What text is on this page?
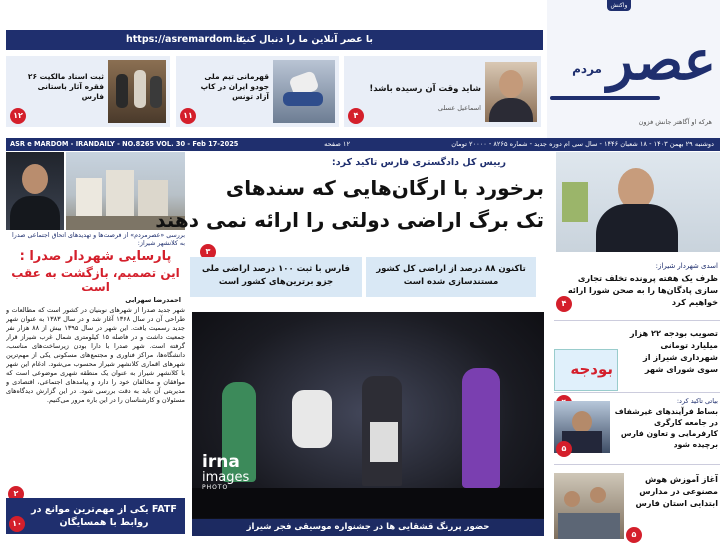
با عصر آنلاین ما را دنبال کنید
https://asremardom.ir
واکنش
عصر
مردم
هرکه او آگاهتر جانش فزون
شاید وقت آن رسیده باشد!
اسماعیل عسلی
۴
قهرمانی تیم ملی جودو ایران در کاپ آزاد تونس
۱۱
ثبت اسناد مالکیت ۲۶ فقره آثار باستانی فارس
۱۲
دوشنبه ۲۹ بهمن ۱۴۰۳ - ۱۸ شعبان ۱۴۴۶ - سال سی ام دوره جدید - شماره ۸۲۶۵ - ۲۰۰۰۰ تومان
۱۲ صفحه
ASR e MARDOM - IRANDAILY - NO.8265 VOL. 30 - Feb 17-2025
بررسی «عصرمردم» از فرصت‌ها و تهدیدهای اتحاق اجتماعی صدرا به کلانشهر شیراز:
پارسایی شهردار صدرا :
این تصمیم، بازگشت به عقب است
احمدرضا سهرابی
شهر جدید صدرا از شهرهای نوبنیان در کشور است که مطالعات و طراحی آن در سال ۱۳۶۸ آغاز شد و در سال ۱۳۸۳ به عنوان شهر جدید رسمیت یافت. این شهر در سال ۱۳۹۵ بیش از ۸۸ هزار نفر جمعیت داشت و در فاصله ۱۵ کیلومتری شمال غرب شیراز قرار گرفته است. شهر صدرا با دارا بودن زیرساخت‌های مناسب، دانشگاه‌ها، مراکز فناوری و مجتمع‌های مسکونی یکی از مهم‌ترین شهرهای اقماری کلانشهر شیراز محسوب می‌شود. ادغام این شهر با کلانشهر شیراز به عنوان یک منطقه شهری موضوعی است که موافقان و مخالفان خود را دارد و پیامدهای اجتماعی، اقتصادی و مدیریتی آن باید به دقت بررسی شود. در این گزارش دیدگاه‌های مسئولان و کارشناسان را در این باره مرور می‌کنیم.
۲
FATF یکی از مهم‌ترین موانع در روابط با همسایگان
۱۰
رییس کل دادگستری فارس تاکید کرد:
برخورد با ارگان‌هایی که سندهای
تک برگ اراضی دولتی را ارائه نمی دهند
۳
تاکنون ۸۸ درصد از اراضی کل کشور مستندسازی شده است
فارس با ثبت ۱۰۰ درصد اراضی ملی جزو برترین‌های کشور است
irna
images
PHOTO
حضور پررنگ قشقایی ها در جشنواره موسیقی فجر شیراز
اسدی شهردار شیراز:
ظرف یک هفته پرونده تخلف تجاری سازی پادگان‌ها را به صحن شورا ارائه خواهیم کرد
۴
بودجه
تصویب بودجه ۲۲ هزار میلیارد تومانی شهرداری شیراز از سوی شورای شهر
بیاتی تاکید کرد:
بساط فرآیندهای غیرشفاف در جامعه کارگری کارفرمایی و تعاون فارس برچیده شود
۵
آغاز آموزش هوش مصنوعی در مدارس ابتدایی استان فارس
۵
